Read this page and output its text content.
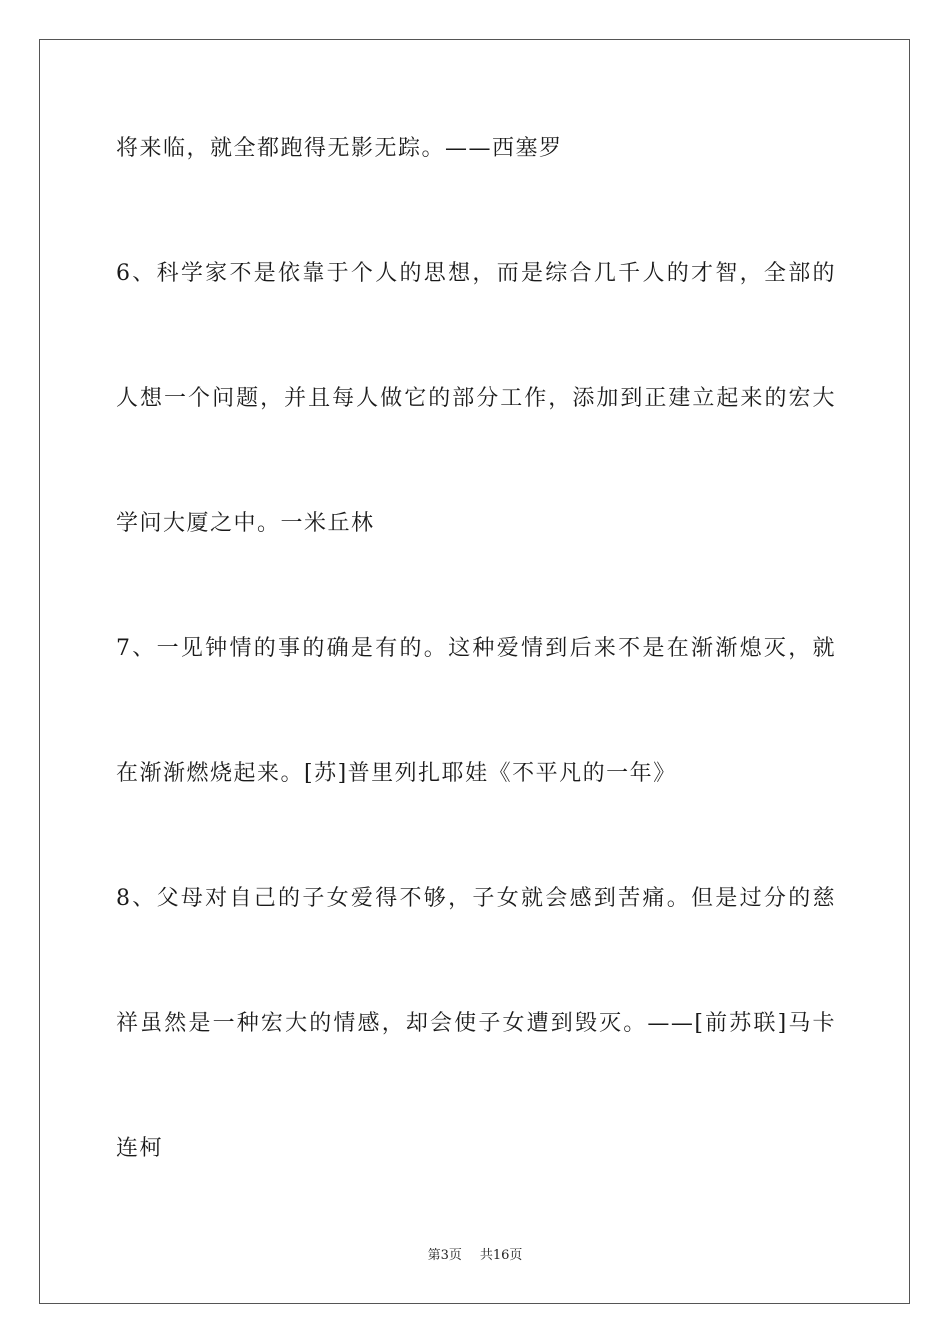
将来临，就全都跑得无影无踪。——西塞罗
6、科学家不是依靠于个人的思想，而是综合几千人的才智，全部的
人想一个问题，并且每人做它的部分工作，添加到正建立起来的宏大
学问大厦之中。一米丘林
7、一见钟情的事的确是有的。这种爱情到后来不是在渐渐熄灭，就
在渐渐燃烧起来。[苏]普里列扎耶娃《不平凡的一年》
8、父母对自己的子女爱得不够，子女就会感到苦痛。但是过分的慈
祥虽然是一种宏大的情感，却会使子女遭到毁灭。——[前苏联]马卡
连柯
第3页 共16页
